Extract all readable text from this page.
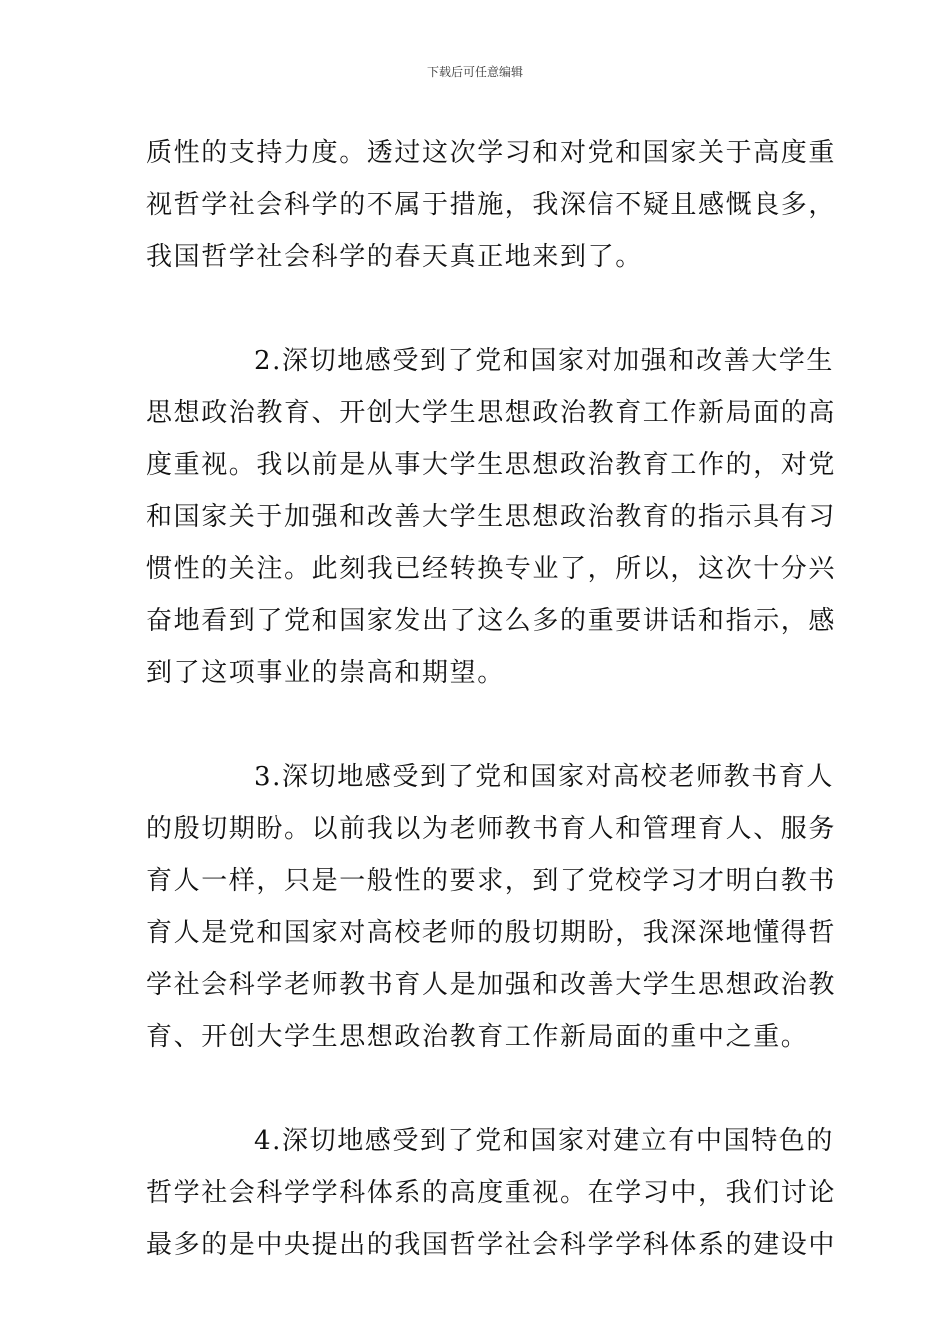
下载后可任意编辑

质性的支持力度。透过这次学习和对党和国家关于高度重
视哲学社会科学的不属于措施，我深信不疑且感慨良多，
我国哲学社会科学的春天真正地来到了。

2.深切地感受到了党和国家对加强和改善大学生
思想政治教育、开创大学生思想政治教育工作新局面的高
度重视。我以前是从事大学生思想政治教育工作的，对党
和国家关于加强和改善大学生思想政治教育的指示具有习
惯性的关注。此刻我已经转换专业了，所以，这次十分兴
奋地看到了党和国家发出了这么多的重要讲话和指示，感
到了这项事业的崇高和期望。

3.深切地感受到了党和国家对高校老师教书育人
的殷切期盼。以前我以为老师教书育人和管理育人、服务
育人一样，只是一般性的要求，到了党校学习才明白教书
育人是党和国家对高校老师的殷切期盼，我深深地懂得哲
学社会科学老师教书育人是加强和改善大学生思想政治教
育、开创大学生思想政治教育工作新局面的重中之重。

4.深切地感受到了党和国家对建立有中国特色的
哲学社会科学学科体系的高度重视。在学习中，我们讨论
最多的是中央提出的我国哲学社会科学学科体系的建设中
